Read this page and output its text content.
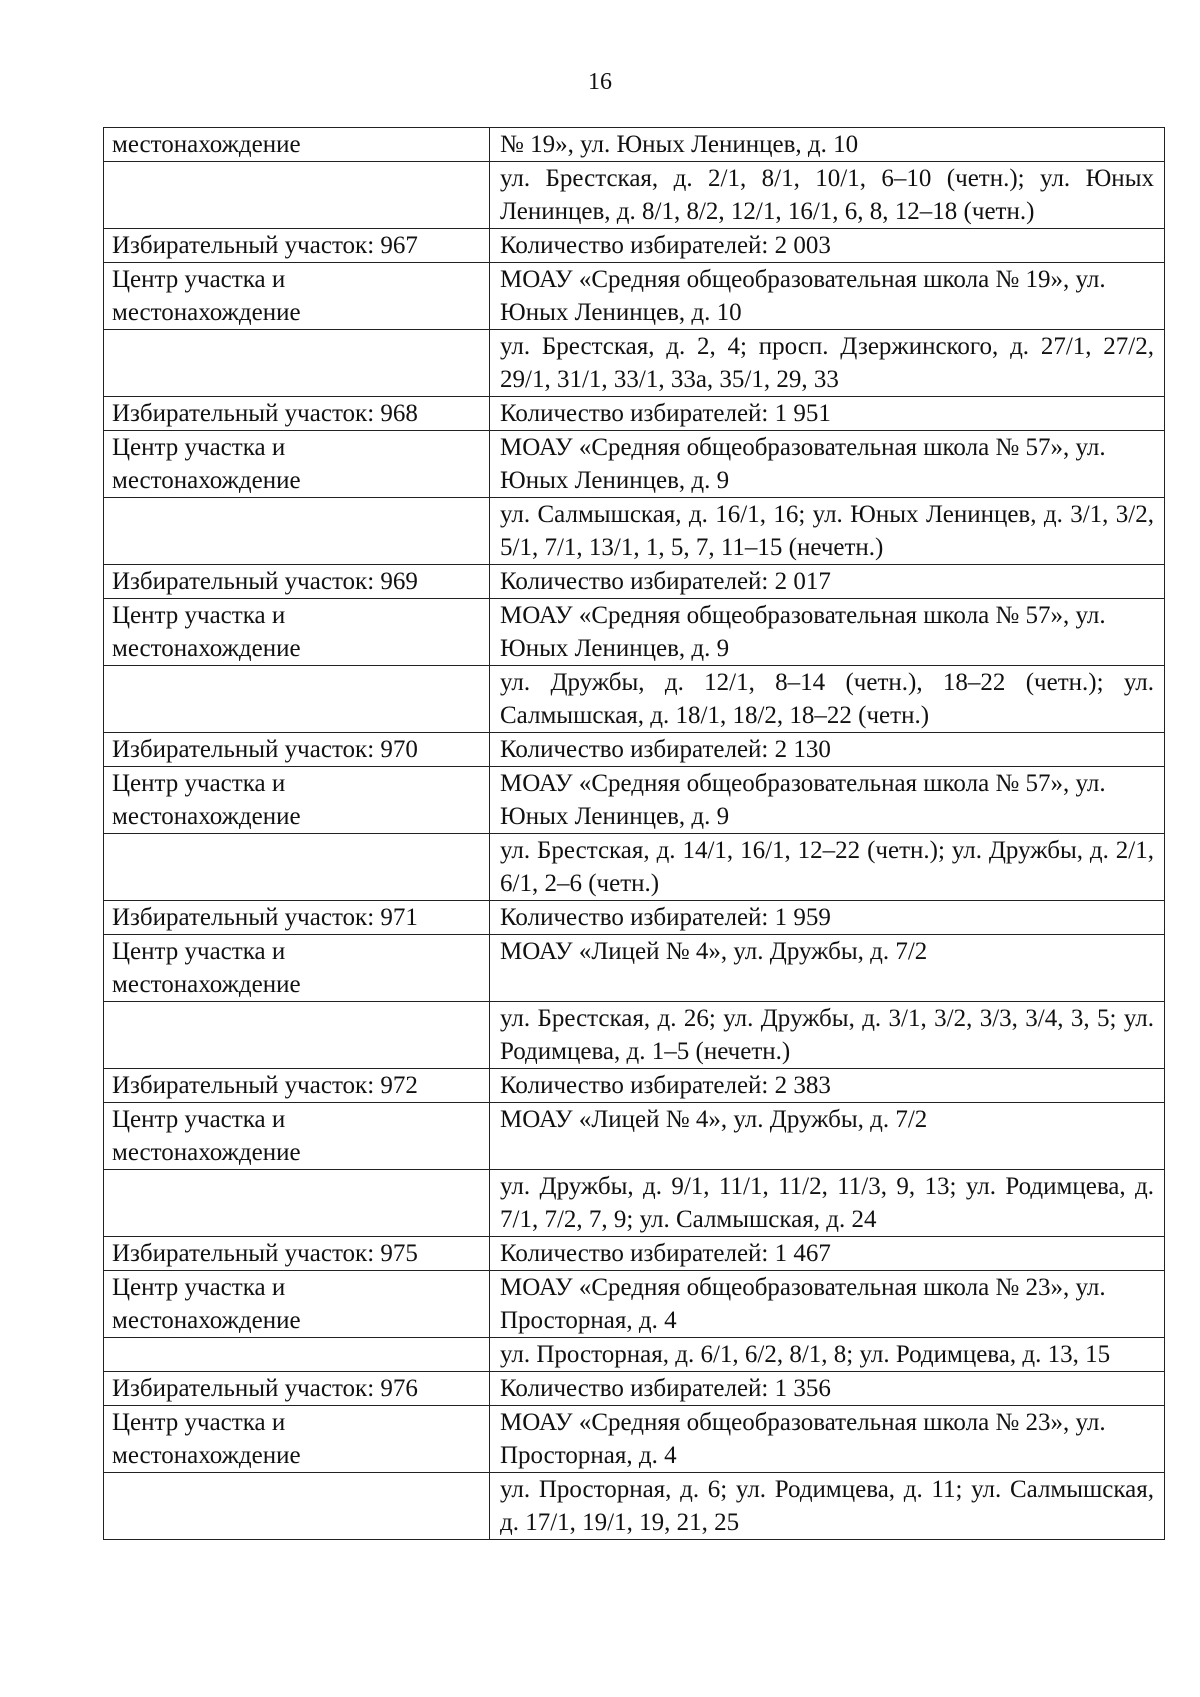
16
местонахождение	№ 19», ул. Юных Ленинцев, д. 10
	ул. Брестская, д. 2/1, 8/1, 10/1, 6–10 (четн.); ул. Юных Ленинцев, д. 8/1, 8/2, 12/1, 16/1, 6, 8, 12–18 (четн.)
Избирательный участок: 967	Количество избирателей: 2 003
Центр участка и местонахождение	МОАУ «Средняя общеобразовательная школа № 19», ул. Юных Ленинцев, д. 10
	ул. Брестская, д. 2, 4; просп. Дзержинского, д. 27/1, 27/2, 29/1, 31/1, 33/1, 33а, 35/1, 29, 33
Избирательный участок: 968	Количество избирателей: 1 951
Центр участка и местонахождение	МОАУ «Средняя общеобразовательная школа № 57», ул. Юных Ленинцев, д. 9
	ул. Салмышская, д. 16/1, 16; ул. Юных Ленинцев, д. 3/1, 3/2, 5/1, 7/1, 13/1, 1, 5, 7, 11–15 (нечетн.)
Избирательный участок: 969	Количество избирателей: 2 017
Центр участка и местонахождение	МОАУ «Средняя общеобразовательная школа № 57», ул. Юных Ленинцев, д. 9
	ул. Дружбы, д. 12/1, 8–14 (четн.), 18–22 (четн.); ул. Салмышская, д. 18/1, 18/2, 18–22 (четн.)
Избирательный участок: 970	Количество избирателей: 2 130
Центр участка и местонахождение	МОАУ «Средняя общеобразовательная школа № 57», ул. Юных Ленинцев, д. 9
	ул. Брестская, д. 14/1, 16/1, 12–22 (четн.); ул. Дружбы, д. 2/1, 6/1, 2–6 (четн.)
Избирательный участок: 971	Количество избирателей: 1 959
Центр участка и местонахождение	МОАУ «Лицей № 4», ул. Дружбы, д. 7/2
	ул. Брестская, д. 26; ул. Дружбы, д. 3/1, 3/2, 3/3, 3/4, 3, 5; ул. Родимцева, д. 1–5 (нечетн.)
Избирательный участок: 972	Количество избирателей: 2 383
Центр участка и местонахождение	МОАУ «Лицей № 4», ул. Дружбы, д. 7/2
	ул. Дружбы, д. 9/1, 11/1, 11/2, 11/3, 9, 13; ул. Родимцева, д. 7/1, 7/2, 7, 9; ул. Салмышская, д. 24
Избирательный участок: 975	Количество избирателей: 1 467
Центр участка и местонахождение	МОАУ «Средняя общеобразовательная школа № 23», ул. Просторная, д. 4
	ул. Просторная, д. 6/1, 6/2, 8/1, 8; ул. Родимцева, д. 13, 15
Избирательный участок: 976	Количество избирателей: 1 356
Центр участка и местонахождение	МОАУ «Средняя общеобразовательная школа № 23», ул. Просторная, д. 4
	ул. Просторная, д. 6; ул. Родимцева, д. 11; ул. Салмышская, д. 17/1, 19/1, 19, 21, 25
